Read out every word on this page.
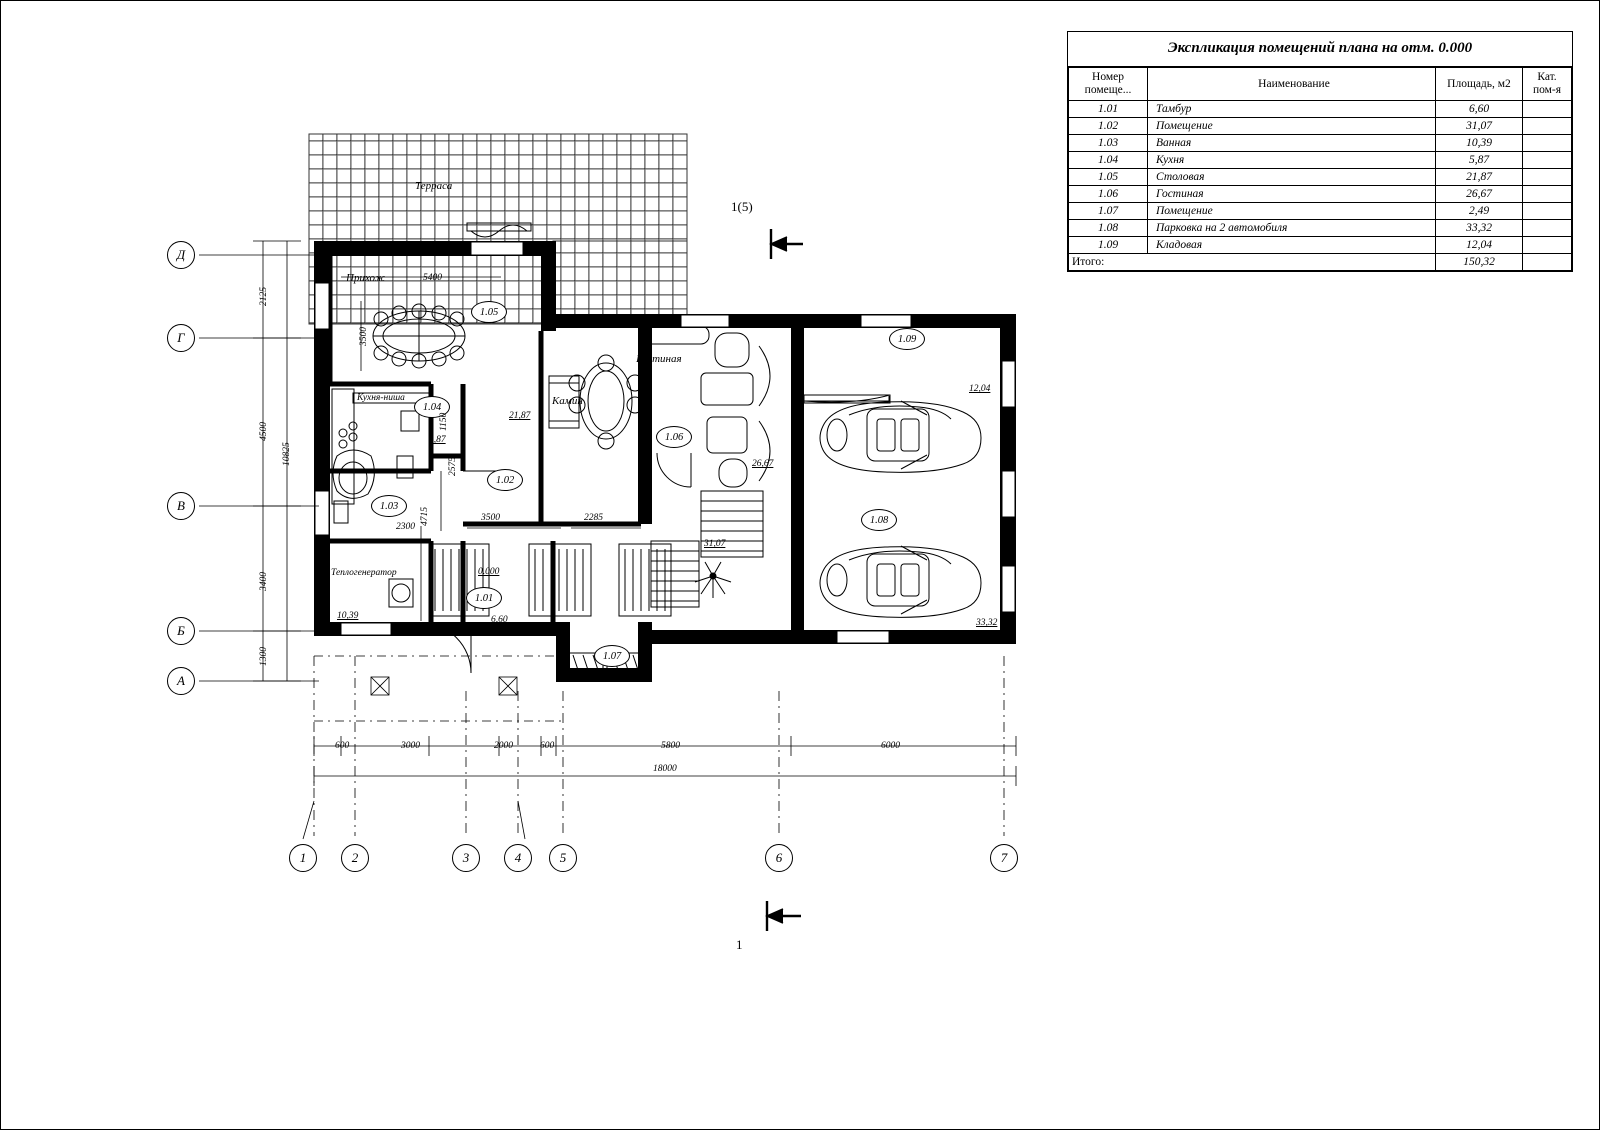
Экспликация помещений плана на отм. 0.000
Номер помеще...	Наименование	Площадь, м2	Кат. пом-я
1.01	Тамбур	6,60	
1.02	Помещение	31,07	
1.03	Ванная	10,39	
1.04	Кухня	5,87	
1.05	Столовая	21,87	
1.06	Гостиная	26,67	
1.07	Помещение	2,49	
1.08	Парковка на 2 автомобиля	33,32	
1.09	Кладовая	12,04	
Итого:		150,32	
Терраса
Прихож
Кухня-ниша
Гостиная
Камин
Теплогенератор
1.05
1.04
1.03
1.02
1.01
1.07
1.06
1.08
1.09
21,87
5,87
10,39
31,07
6,60
26,67
33,32
12,04
0.000
5400
3500
1150
2575
2300
4715	3500	2285
2125
4500
3400
1300
10825
600	3000	2000	600	5800	6000
18000
1(5)
1
Д
Г
В
Б
А
1	2	3	4	5	6	7
